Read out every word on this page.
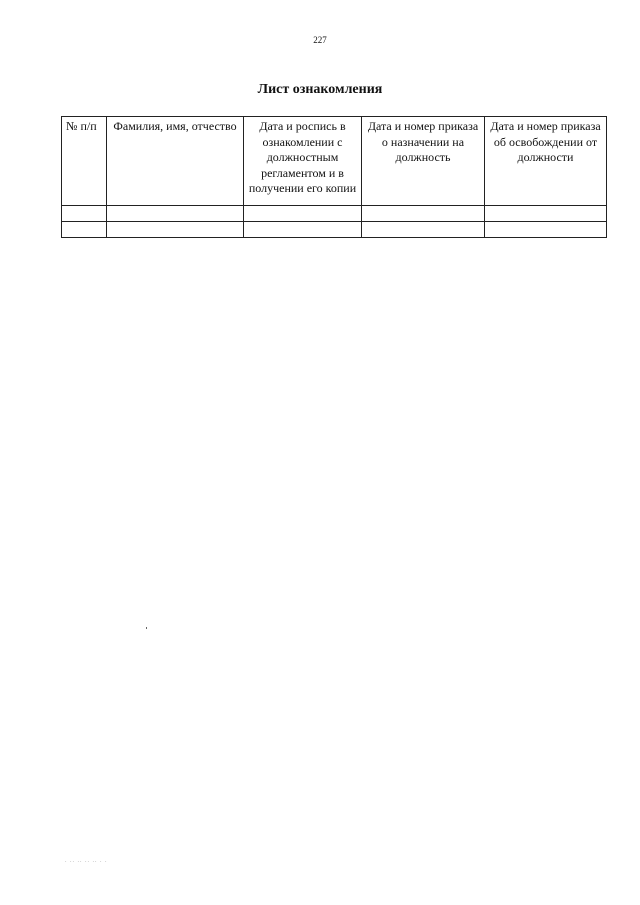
227
Лист ознакомления
№ п/п	Фамилия, имя, отчество	Дата и роспись в ознакомлении с должностным регламентом и в получении его копии	Дата и номер приказа о назначении на должность	Дата и номер приказа об освобождении от должности

. .. .. .. .. . .
